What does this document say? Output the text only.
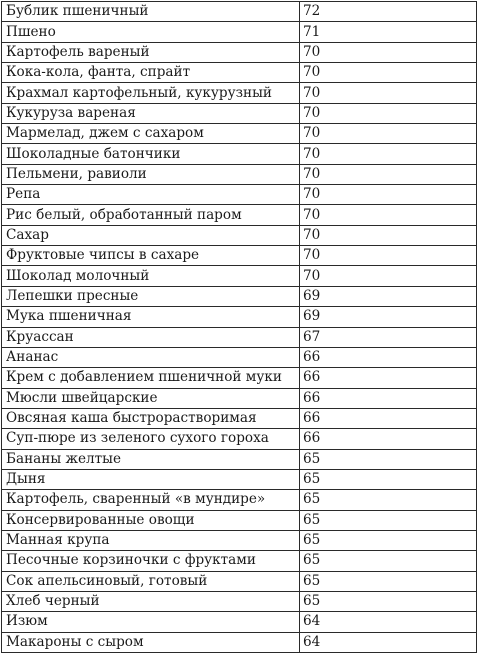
Бублик пшеничный	72
Пшено	71
Картофель вареный	70
Кока-кола, фанта, спрайт	70
Крахмал картофельный, кукурузный	70
Кукуруза вареная	70
Мармелад, джем с сахаром	70
Шоколадные батончики	70
Пельмени, равиоли	70
Репа	70
Рис белый, обработанный паром	70
Сахар	70
Фруктовые чипсы в сахаре	70
Шоколад молочный	70
Лепешки пресные	69
Мука пшеничная	69
Круассан	67
Ананас	66
Крем с добавлением пшеничной муки	66
Мюсли швейцарские	66
Овсяная каша быстрорастворимая	66
Суп-пюре из зеленого сухого гороха	66
Бананы желтые	65
Дыня	65
Картофель, сваренный «в мундире»	65
Консервированные овощи	65
Манная крупа	65
Песочные корзиночки с фруктами	65
Сок апельсиновый, готовый	65
Хлеб черный	65
Изюм	64
Макароны с сыром	64
